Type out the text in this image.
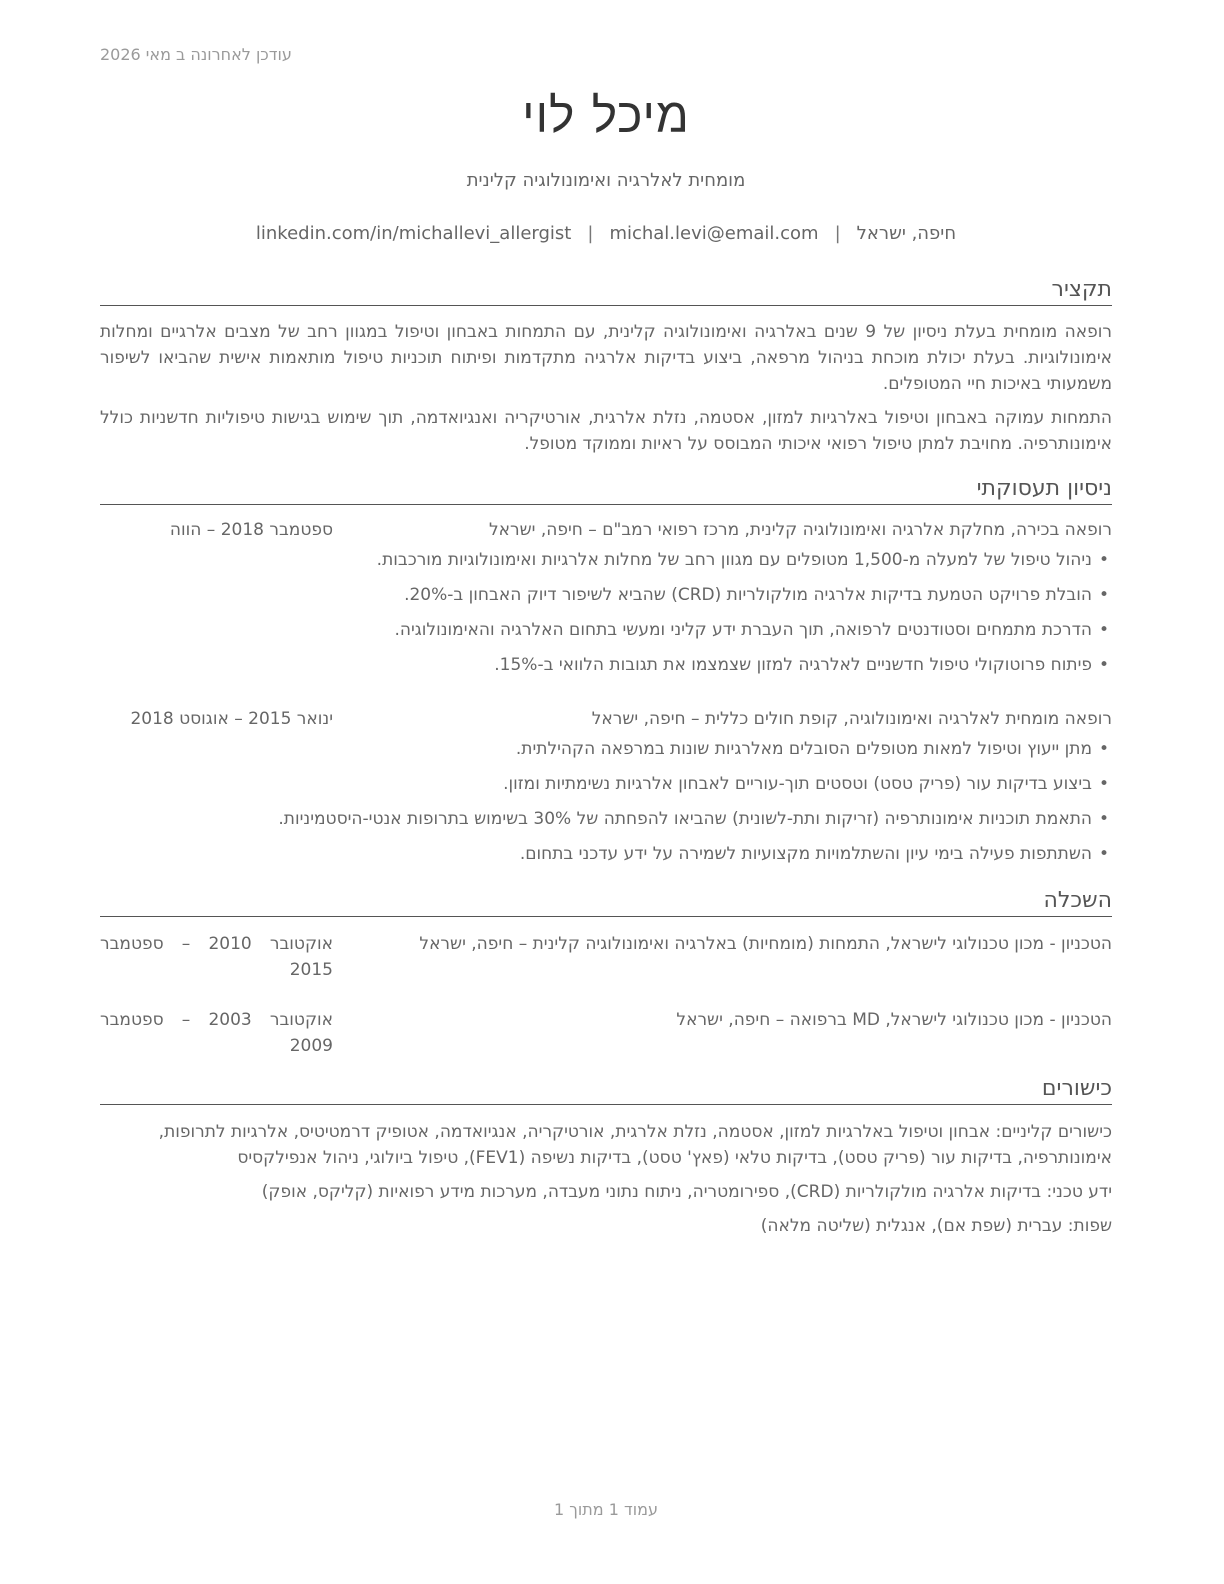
עודכן לאחרונה ב מאי 2026
מיכל לוי
מומחית לאלרגיה ואימונולוגיה קלינית
חיפה, ישראל|michal.levi@email.com|linkedin.com/in/michallevi_allergist
תקציר
רופאה מומחית בעלת ניסיון של 9 שנים באלרגיה ואימונולוגיה קלינית, עם התמחות באבחון וטיפול במגוון רחב של מצבים אלרגיים ומחלות אימונולוגיות. בעלת יכולת מוכחת בניהול מרפאה, ביצוע בדיקות אלרגיה מתקדמות ופיתוח תוכניות טיפול מותאמות אישית שהביאו לשיפור משמעותי באיכות חיי המטופלים.
התמחות עמוקה באבחון וטיפול באלרגיות למזון, אסטמה, נזלת אלרגית, אורטיקריה ואנגיואדמה, תוך שימוש בגישות טיפוליות חדשניות כולל אימונותרפיה. מחויבת למתן טיפול רפואי איכותי המבוסס על ראיות וממוקד מטופל.
ניסיון תעסוקתי
רופאה בכירה, מחלקת אלרגיה ואימונולוגיה קלינית, מרכז רפואי רמב"ם – חיפה, ישראל
ספטמבר 2018 – הווה
•ניהול טיפול של למעלה מ-1,500 מטופלים עם מגוון רחב של מחלות אלרגיות ואימונולוגיות מורכבות.
•הובלת פרויקט הטמעת בדיקות אלרגיה מולקולריות (CRD) שהביא לשיפור דיוק האבחון ב-20%.
•הדרכת מתמחים וסטודנטים לרפואה, תוך העברת ידע קליני ומעשי בתחום האלרגיה והאימונולוגיה.
•פיתוח פרוטוקולי טיפול חדשניים לאלרגיה למזון שצמצמו את תגובות הלוואי ב-15%.
רופאה מומחית לאלרגיה ואימונולוגיה, קופת חולים כללית – חיפה, ישראל
ינואר 2015 – אוגוסט 2018
•מתן ייעוץ וטיפול למאות מטופלים הסובלים מאלרגיות שונות במרפאה הקהילתית.
•ביצוע בדיקות עור (פריק טסט) וטסטים תוך-עוריים לאבחון אלרגיות נשימתיות ומזון.
•התאמת תוכניות אימונותרפיה (זריקות ותת-לשונית) שהביאו להפחתה של 30% בשימוש בתרופות אנטי-היסטמיניות.
•השתתפות פעילה בימי עיון והשתלמויות מקצועיות לשמירה על ידע עדכני בתחום.
השכלה
הטכניון - מכון טכנולוגי לישראל, התמחות (מומחיות) באלרגיה ואימונולוגיה קלינית – חיפה, ישראל
אוקטובר 2010 – ספטמבר 2015
הטכניון - מכון טכנולוגי לישראל, MD ברפואה – חיפה, ישראל
אוקטובר 2003 – ספטמבר 2009
כישורים
כישורים קליניים: אבחון וטיפול באלרגיות למזון, אסטמה, נזלת אלרגית, אורטיקריה, אנגיואדמה, אטופיק דרמטיטיס, אלרגיות לתרופות, אימונותרפיה, בדיקות עור (פריק טסט), בדיקות טלאי (פאץ' טסט), בדיקות נשיפה (FEV1), טיפול ביולוגי, ניהול אנפילקסיס
ידע טכני: בדיקות אלרגיה מולקולריות (CRD), ספירומטריה, ניתוח נתוני מעבדה, מערכות מידע רפואיות (קליקס, אופק)
שפות: עברית (שפת אם), אנגלית (שליטה מלאה)
עמוד 1 מתוך 1
